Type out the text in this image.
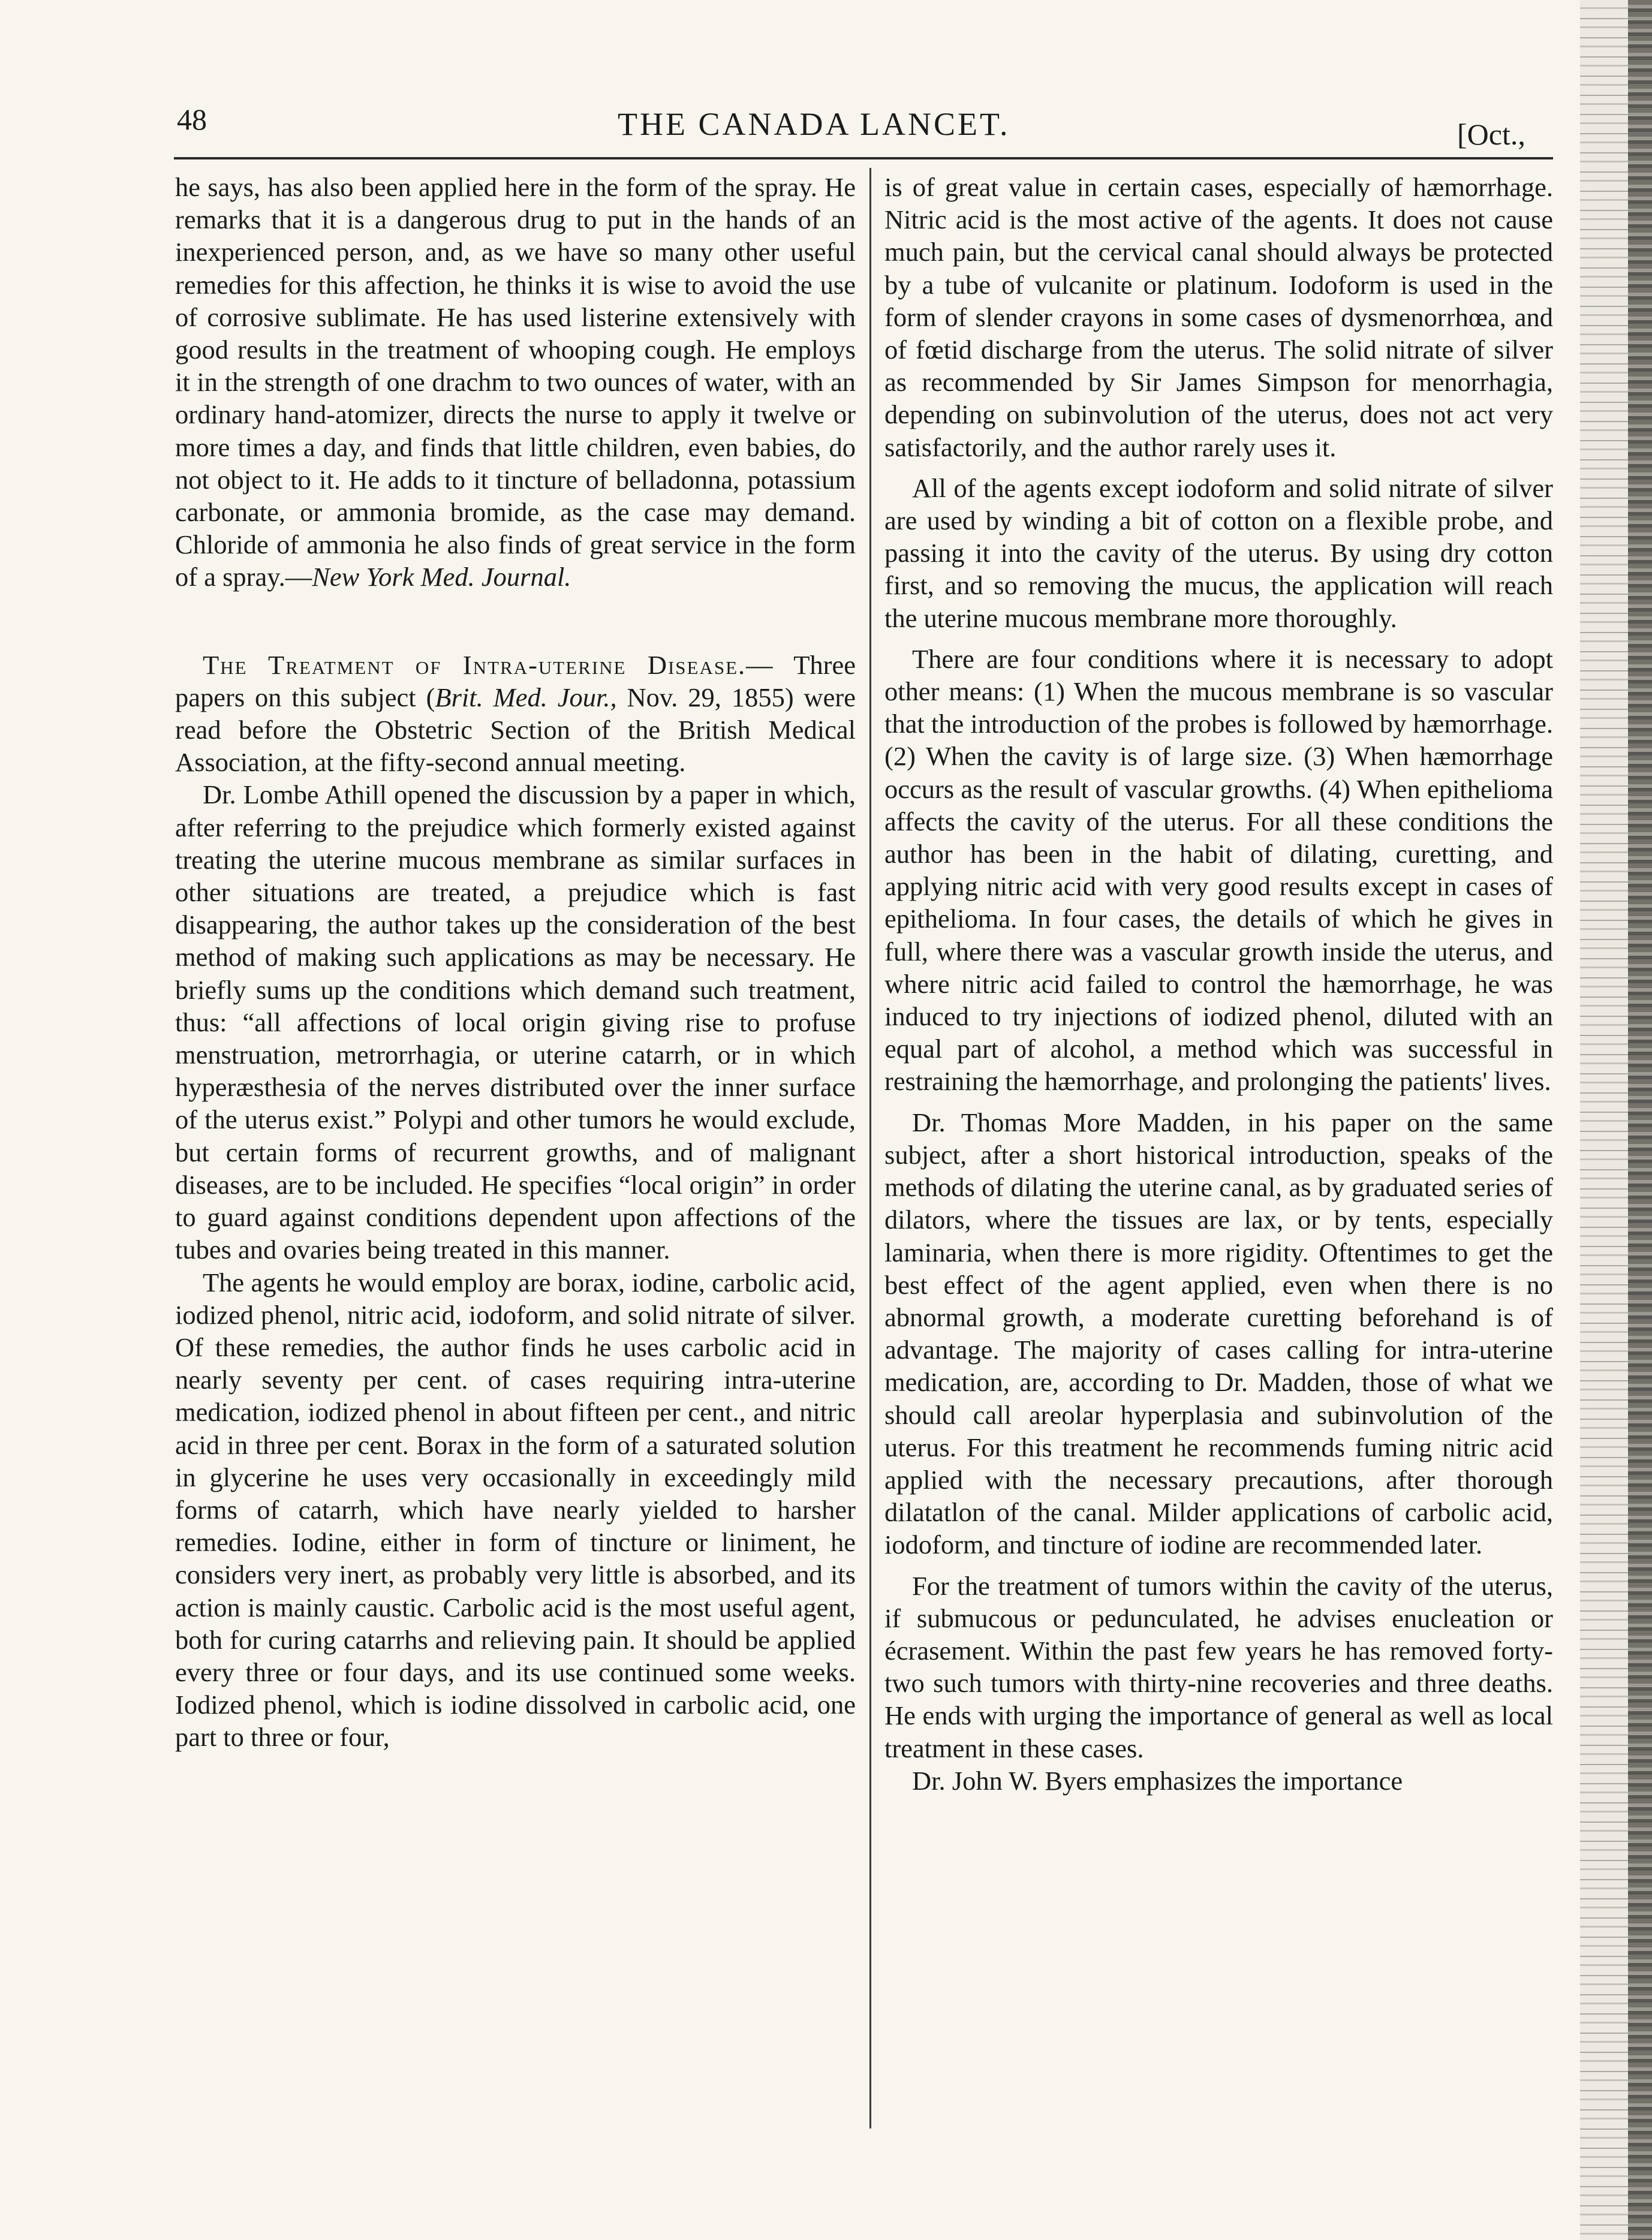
48	THE CANADA LANCET.	[Oct.,

he says, has also been applied here in the form of the spray. He remarks that it is a dangerous drug to put in the hands of an inexperienced person, and, as we have so many other useful remedies for this affection, he thinks it is wise to avoid the use of corrosive sublimate. He has used listerine extensively with good results in the treatment of whooping cough. He employs it in the strength of one drachm to two ounces of water, with an ordinary hand-atomizer, directs the nurse to apply it twelve or more times a day, and finds that little children, even babies, do not object to it. He adds to it tincture of belladonna, potassium carbonate, or ammonia bromide, as the case may demand. Chloride of ammonia he also finds of great service in the form of a spray.—New York Med. Journal.

The Treatment of Intra-uterine Disease.— Three papers on this subject (Brit. Med. Jour., Nov. 29, 1855) were read before the Obstetric Section of the British Medical Association, at the fifty-second annual meeting.

Dr. Lombe Athill opened the discussion by a paper in which, after referring to the prejudice which formerly existed against treating the uterine mucous membrane as similar surfaces in other situations are treated, a prejudice which is fast disappearing, the author takes up the consideration of the best method of making such applications as may be necessary. He briefly sums up the conditions which demand such treatment, thus: “all affections of local origin giving rise to profuse menstruation, metrorrhagia, or uterine catarrh, or in which hyperæsthesia of the nerves distributed over the inner surface of the uterus exist.” Polypi and other tumors he would exclude, but certain forms of recurrent growths, and of malignant diseases, are to be included. He specifies “local origin” in order to guard against conditions dependent upon affections of the tubes and ovaries being treated in this manner.

The agents he would employ are borax, iodine, carbolic acid, iodized phenol, nitric acid, iodoform, and solid nitrate of silver. Of these remedies, the author finds he uses carbolic acid in nearly seventy per cent. of cases requiring intra-uterine medication, iodized phenol in about fifteen per cent., and nitric acid in three per cent. Borax in the form of a saturated solution in glycerine he uses very occasionally in exceedingly mild forms of catarrh, which have nearly yielded to harsher remedies. Iodine, either in form of tincture or liniment, he considers very inert, as probably very little is absorbed, and its action is mainly caustic. Carbolic acid is the most useful agent, both for curing catarrhs and relieving pain. It should be applied every three or four days, and its use continued some weeks. Iodized phenol, which is iodine dissolved in carbolic acid, one part to three or four,

is of great value in certain cases, especially of hæmorrhage. Nitric acid is the most active of the agents. It does not cause much pain, but the cervical canal should always be protected by a tube of vulcanite or platinum. Iodoform is used in the form of slender crayons in some cases of dysmenorrhœa, and of fœtid discharge from the uterus. The solid nitrate of silver as recommended by Sir James Simpson for menorrhagia, depending on subinvolution of the uterus, does not act very satisfactorily, and the author rarely uses it.

All of the agents except iodoform and solid nitrate of silver are used by winding a bit of cotton on a flexible probe, and passing it into the cavity of the uterus. By using dry cotton first, and so removing the mucus, the application will reach the uterine mucous membrane more thoroughly.

There are four conditions where it is necessary to adopt other means: (1) When the mucous membrane is so vascular that the introduction of the probes is followed by hæmorrhage. (2) When the cavity is of large size. (3) When hæmorrhage occurs as the result of vascular growths. (4) When epithelioma affects the cavity of the uterus. For all these conditions the author has been in the habit of dilating, curetting, and applying nitric acid with very good results except in cases of epithelioma. In four cases, the details of which he gives in full, where there was a vascular growth inside the uterus, and where nitric acid failed to control the hæmorrhage, he was induced to try injections of iodized phenol, diluted with an equal part of alcohol, a method which was successful in restraining the hæmorrhage, and prolonging the patients' lives.

Dr. Thomas More Madden, in his paper on the same subject, after a short historical introduction, speaks of the methods of dilating the uterine canal, as by graduated series of dilators, where the tissues are lax, or by tents, especially laminaria, when there is more rigidity. Oftentimes to get the best effect of the agent applied, even when there is no abnormal growth, a moderate curetting beforehand is of advantage. The majority of cases calling for intra-uterine medication, are, according to Dr. Madden, those of what we should call areolar hyperplasia and subinvolution of the uterus. For this treatment he recommends fuming nitric acid applied with the necessary precautions, after thorough dilatatlon of the canal. Milder applications of carbolic acid, iodoform, and tincture of iodine are recommended later.

For the treatment of tumors within the cavity of the uterus, if submucous or pedunculated, he advises enucleation or écrasement. Within the past few years he has removed forty-two such tumors with thirty-nine recoveries and three deaths. He ends with urging the importance of general as well as local treatment in these cases.

Dr. John W. Byers emphasizes the importance
